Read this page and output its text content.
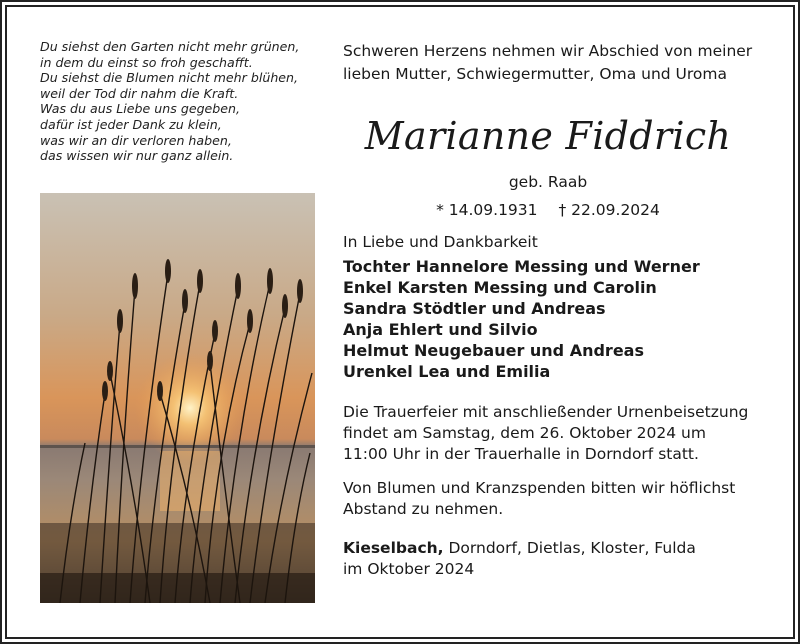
Du siehst den Garten nicht mehr grünen,
in dem du einst so froh geschafft.
Du siehst die Blumen nicht mehr blühen,
weil der Tod dir nahm die Kraft.
Was du aus Liebe uns gegeben,
dafür ist jeder Dank zu klein,
was wir an dir verloren haben,
das wissen wir nur ganz allein.
Schweren Herzens nehmen wir Abschied von meiner
lieben Mutter, Schwiegermutter, Oma und Uroma
Marianne Fiddrich
geb. Raab
* 14.09.1931 † 22.09.2024
In Liebe und Dankbarkeit
Tochter Hannelore Messing und Werner
Enkel Karsten Messing und Carolin
Sandra Stödtler und Andreas
Anja Ehlert und Silvio
Helmut Neugebauer und Andreas
Urenkel Lea und Emilia
Die Trauerfeier mit anschließender Urnenbeisetzung
findet am Samstag, dem 26. Oktober 2024 um
11:00 Uhr in der Trauerhalle in Dorndorf statt.
Von Blumen und Kranzspenden bitten wir höflichst
Abstand zu nehmen.
Kieselbach, Dorndorf, Dietlas, Kloster, Fulda
im Oktober 2024
